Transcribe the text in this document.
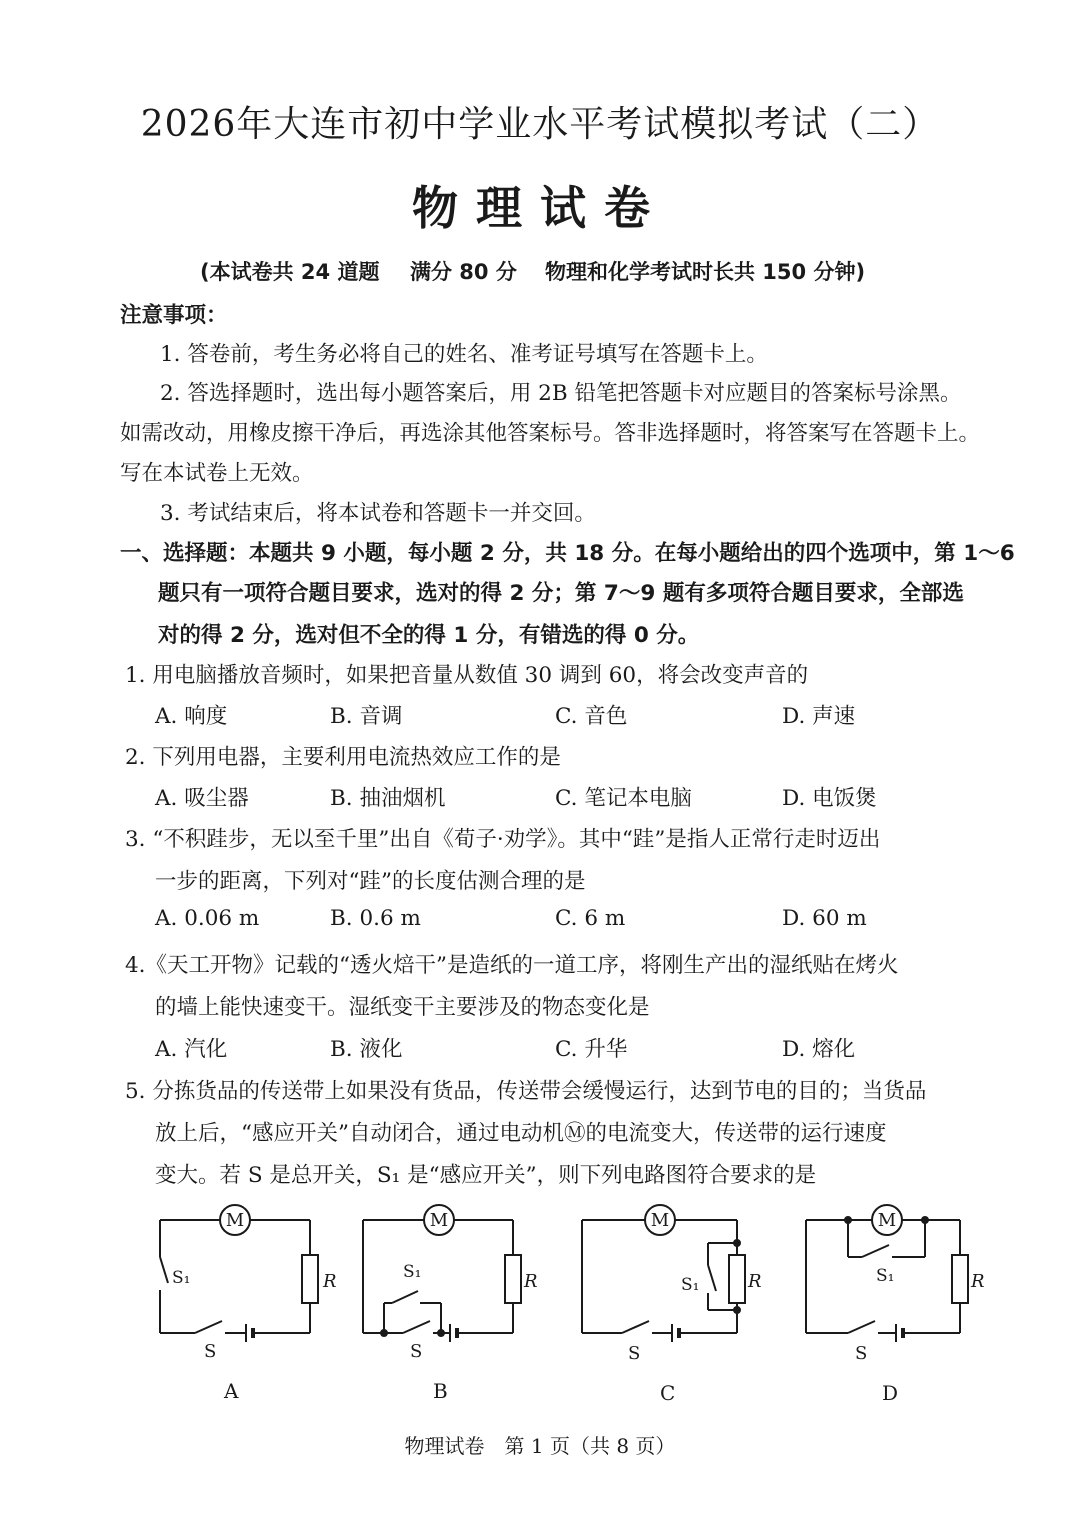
2026年大连市初中学业水平考试模拟考试（二）
物理试卷
(本试卷共 24 道题 满分 80 分 物理和化学考试时长共 150 分钟)
注意事项：
1. 答卷前，考生务必将自己的姓名、准考证号填写在答题卡上。
2. 答选择题时，选出每小题答案后，用 2B 铅笔把答题卡对应题目的答案标号涂黑。
如需改动，用橡皮擦干净后，再选涂其他答案标号。答非选择题时，将答案写在答题卡上。
写在本试卷上无效。
3. 考试结束后，将本试卷和答题卡一并交回。
一、选择题：本题共 9 小题，每小题 2 分，共 18 分。在每小题给出的四个选项中，第 1～6
题只有一项符合题目要求，选对的得 2 分；第 7～9 题有多项符合题目要求，全部选
对的得 2 分，选对但不全的得 1 分，有错选的得 0 分。
1. 用电脑播放音频时，如果把音量从数值 30 调到 60，将会改变声音的
A. 响度	B. 音调	C. 音色	D. 声速
2. 下列用电器，主要利用电流热效应工作的是
A. 吸尘器	B. 抽油烟机	C. 笔记本电脑	D. 电饭煲
3. “不积跬步，无以至千里”出自《荀子·劝学》。其中“跬”是指人正常行走时迈出
一步的距离，下列对“跬”的长度估测合理的是
A. 0.06 m	B. 0.6 m	C. 6 m	D. 60 m
4.《天工开物》记载的“透火焙干”是造纸的一道工序，将刚生产出的湿纸贴在烤火
的墙上能快速变干。湿纸变干主要涉及的物态变化是
A. 汽化	B. 液化	C. 升华	D. 熔化
5. 分拣货品的传送带上如果没有货品，传送带会缓慢运行，达到节电的目的；当货品
放上后，“感应开关”自动闭合，通过电动机Ⓜ的电流变大，传送带的运行速度
变大。若 S 是总开关，S₁ 是“感应开关”，则下列电路图符合要求的是
M
S₁	R
S
A
M
S₁	R
S
B
M
S₁	R
S
C
M
S₁	R
S
D
物理试卷　第 1 页（共 8 页）
